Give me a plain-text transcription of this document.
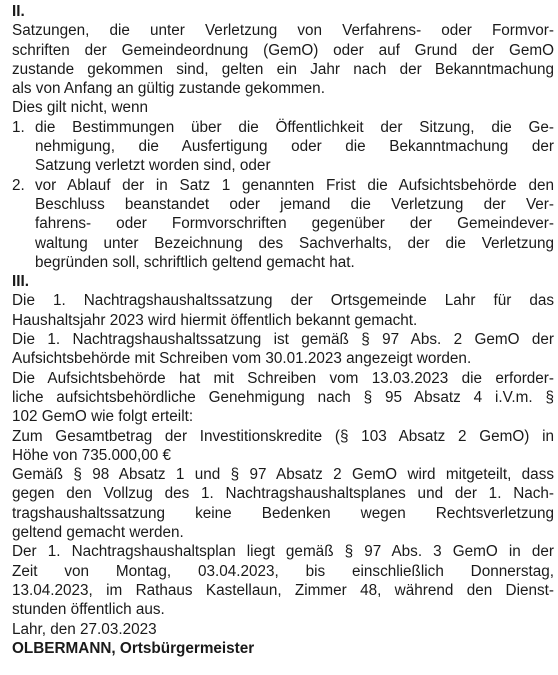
II.
Satzungen, die unter Verletzung von Verfahrens- oder Formvor-
schriften der Gemeindeordnung (GemO) oder auf Grund der GemO
zustande gekommen sind, gelten ein Jahr nach der Bekanntmachung
als von Anfang an gültig zustande gekommen.
Dies gilt nicht, wenn
1. die Bestimmungen über die Öffentlichkeit der Sitzung, die Ge-
nehmigung, die Ausfertigung oder die Bekanntmachung der
Satzung verletzt worden sind, oder
2. vor Ablauf der in Satz 1 genannten Frist die Aufsichtsbehörde den
Beschluss beanstandet oder jemand die Verletzung der Ver-
fahrens- oder Formvorschriften gegenüber der Gemeindever-
waltung unter Bezeichnung des Sachverhalts, der die Verletzung
begründen soll, schriftlich geltend gemacht hat.
III.
Die 1. Nachtragshaushaltssatzung der Ortsgemeinde Lahr für das
Haushaltsjahr 2023 wird hiermit öffentlich bekannt gemacht.
Die 1. Nachtragshaushaltssatzung ist gemäß § 97 Abs. 2 GemO der
Aufsichtsbehörde mit Schreiben vom 30.01.2023 angezeigt worden.
Die Aufsichtsbehörde hat mit Schreiben vom 13.03.2023 die erforder-
liche aufsichtsbehördliche Genehmigung nach § 95 Absatz 4 i.V.m. §
102 GemO wie folgt erteilt:
Zum Gesamtbetrag der Investitionskredite (§ 103 Absatz 2 GemO) in
Höhe von 735.000,00 €
Gemäß § 98 Absatz 1 und § 97 Absatz 2 GemO wird mitgeteilt, dass
gegen den Vollzug des 1. Nachtragshaushaltsplanes und der 1. Nach-
tragshaushaltssatzung keine Bedenken wegen Rechtsverletzung
geltend gemacht werden.
Der 1. Nachtragshaushaltsplan liegt gemäß § 97 Abs. 3 GemO in der
Zeit von Montag, 03.04.2023, bis einschließlich Donnerstag,
13.04.2023, im Rathaus Kastellaun, Zimmer 48, während den Dienst-
stunden öffentlich aus.
Lahr, den 27.03.2023
OLBERMANN, Ortsbürgermeister
